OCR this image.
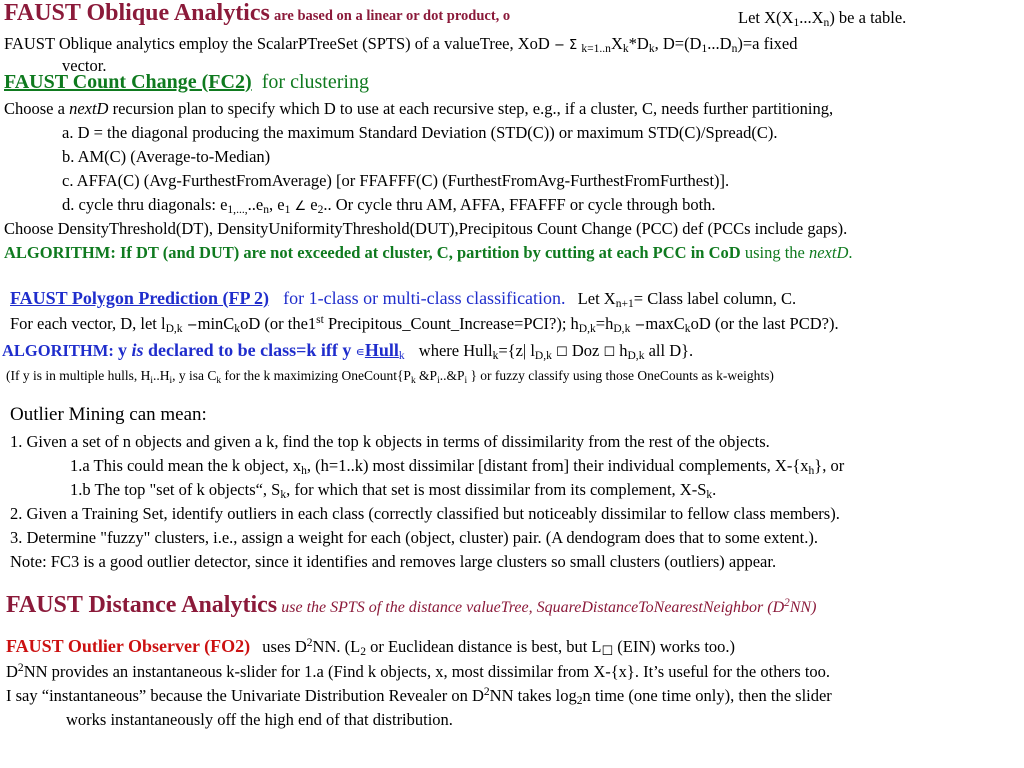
FAUST Oblique Analytics are based on a linear or dot product, o	Let $X(X_1...X_n)$ be a table.
FAUST Oblique analytics employ the ScalarPTreeSet (SPTS) of a valueTree, XoD − Σ $_{k=1..n}X_k*D_k$, $D=(D_1...D_n)=a$ fixed
vector.
FAUST Count Change (FC2) for clustering
Choose a nextD recursion plan to specify which D to use at each recursive step, e.g., if a cluster, C, needs further partitioning,
a. D = the diagonal producing the maximum Standard Deviation (STD(C)) or maximum STD(C)/Spread(C).
b. AM(C) (Average-to-Median)
c. AFFA(C) (Avg-FurthestFromAverage) [or FFAFFF(C) (FurthestFromAvg-FurthestFromFurthest)].
d. cycle thru diagonals: $e_{1,...,}..e_n$, $e_1$ ∠ $e_2$.. Or cycle thru AM, AFFA, FFAFFF or cycle through both.
Choose DensityThreshold(DT), DensityUniformityThreshold(DUT),Precipitous Count Change (PCC) def (PCCs include gaps).
ALGORITHM: If DT (and DUT) are not exceeded at cluster, C, partition by cutting at each PCC in CoD using the nextD.
FAUST Polygon Prediction (FP 2) for 1-class or multi-class classification. Let $X_{n+1}=$ Class label column, C.
For each vector, D, let $l_{D,k} -\min C_koD$ (or the1st Precipitous_Count_Increase=PCI?); $h_{D,k}=h_{D,k} -\max C_koD$ (or the last PCD?).
ALGORITHM: y is declared to be class=k iff y ∊Hull$_k$ where Hull$_k$={z| $l_{D,k}$ ☐ Doz ☐ $h_{D,k}$ all D}.
(If y is in multiple hulls, $H_i..H_i$, y isa $C_k$ for the k maximizing $OneCount\{P_k$ $\&P_i..\&P_i$ } or fuzzy classify using those OneCounts as k-weights)
Outlier Mining can mean:
1. Given a set of n objects and given a k, find the top k objects in terms of dissimilarity from the rest of the objects.
1.a This could mean the k object, $x_h$, (h=1..k) most dissimilar [distant from] their individual complements, $X-\{x_h\}$, or
1.b The top "set of k objects“, $S_k$, for which that set is most dissimilar from its complement, $X-S_k$.
2. Given a Training Set, identify outliers in each class (correctly classified but noticeably dissimilar to fellow class members).
3. Determine "fuzzy" clusters, i.e., assign a weight for each (object, cluster) pair. (A dendogram does that to some extent.).
Note: FC3 is a good outlier detector, since it identifies and removes large clusters so small clusters (outliers) appear.
FAUST Distance Analytics use the SPTS of the distance valueTree, SquareDistanceToNearestNeighbor $(D^2NN)$
FAUST Outlier Observer (FO2) uses $D^2NN$. ($L_2$ or Euclidean distance is best, but $L_☐$ (EIN) works too.)
$D^2NN$ provides an instantaneous k-slider for 1.a (Find k objects, x, most dissimilar from X-{x}. It’s useful for the others too.
I say “instantaneous” because the Univariate Distribution Revealer on $D^2NN$ takes $\log_2n$ time (one time only), then the slider
works instantaneously off the high end of that distribution.
